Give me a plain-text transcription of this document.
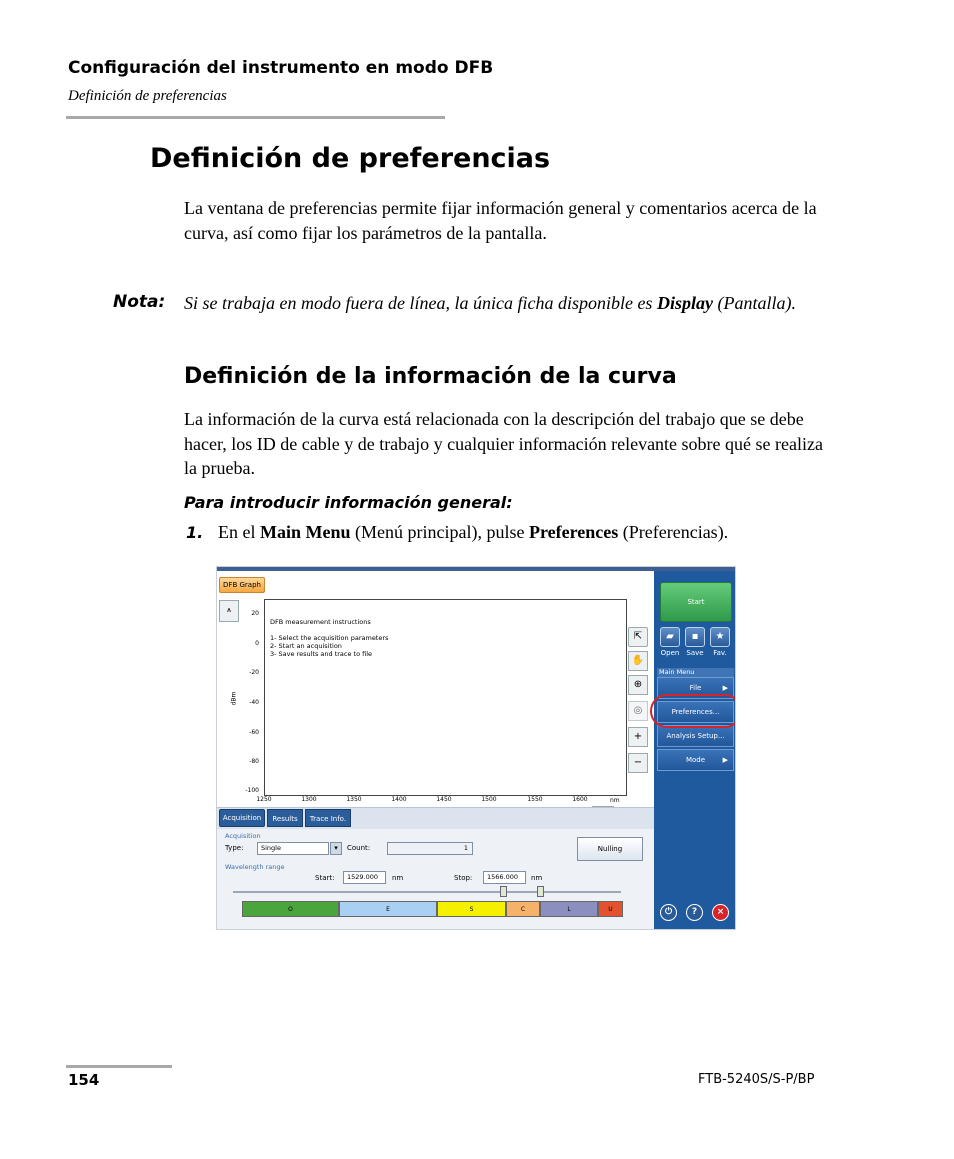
Configuración del instrumento en modo DFB
Definición de preferencias
Definición de preferencias
La ventana de preferencias permite fijar información general y comentarios acerca de la curva, así como fijar los parámetros de la pantalla.
Nota: Si se trabaja en modo fuera de línea, la única ficha disponible es Display (Pantalla).
Definición de la información de la curva
La información de la curva está relacionada con la descripción del trabajo que se debe hacer, los ID de cable y de trabajo y cualquier información relevante sobre qué se realiza la prueba.
Para introducir información general:
1. En el Main Menu (Menú principal), pulse Preferences (Preferencias).
DFB Graph
⩚
dBm
20
0
-20
-40
-60
-80
-100
DFB measurement instructions
1- Select the acquisition parameters
2- Start an acquisition
3- Save results and trace to file
1250	1300	1350	1400	1450	1500	1550	1600	nm
⇱
✋
⊕
◎
+
−
Start
▰	▪	★
Open	Save	Fav.
Main Menu
File	▶
Preferences...
Analysis Setup...
Mode	▶
⏻	?	×
Acquisition	Results	Trace Info.
Acquisition
Type:	Single	▾	Count:	1	Nulling
Wavelength range
Start:	1529.000	nm	Stop:	1566.000	nm
O	E	S	C	L	U
154	FTB-5240S/S-P/BP
